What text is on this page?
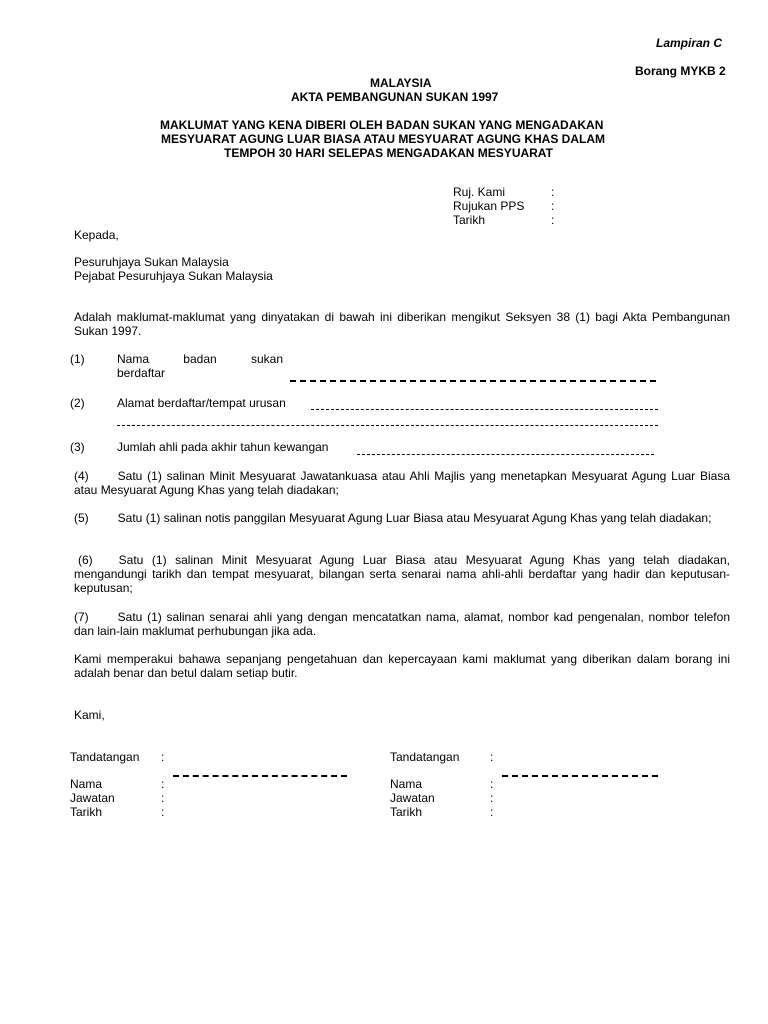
Lampiran C
Borang MYKB 2
MALAYSIA
AKTA PEMBANGUNAN SUKAN 1997
MAKLUMAT YANG KENA DIBERI OLEH BADAN SUKAN YANG MENGADAKAN
MESYUARAT AGUNG LUAR BIASA ATAU MESYUARAT AGUNG KHAS DALAM
TEMPOH 30 HARI SELEPAS MENGADAKAN MESYUARAT
Ruj. Kami	:
Rujukan PPS :
Tarikh	:
Kepada,
Pesuruhjaya Sukan Malaysia
Pejabat Pesuruhjaya Sukan Malaysia
Adalah maklumat-maklumat yang dinyatakan di bawah ini diberikan mengikut Seksyen 38 (1) bagi Akta Pembangunan Sukan 1997.
(1)	Nama badan sukan
berdaftar
(2)	Alamat berdaftar/tempat urusan
(3)	Jumlah ahli pada akhir tahun kewangan
(4) Satu (1) salinan Minit Mesyuarat Jawatankuasa atau Ahli Majlis yang menetapkan Mesyuarat Agung Luar Biasa atau Mesyuarat Agung Khas yang telah diadakan;
(5) Satu (1) salinan notis panggilan Mesyuarat Agung Luar Biasa atau Mesyuarat Agung Khas yang telah diadakan;
(6) Satu (1) salinan Minit Mesyuarat Agung Luar Biasa atau Mesyuarat Agung Khas yang telah diadakan, mengandungi tarikh dan tempat mesyuarat, bilangan serta senarai nama ahli-ahli berdaftar yang hadir dan keputusan-keputusan;
(7) Satu (1) salinan senarai ahli yang dengan mencatatkan nama, alamat, nombor kad pengenalan, nombor telefon dan lain-lain maklumat perhubungan jika ada.
Kami memperakui bahawa sepanjang pengetahuan dan kepercayaan kami maklumat yang diberikan dalam borang ini adalah benar dan betul dalam setiap butir.
Kami,
Tandatangan :
Nama	:
Jawatan	:
Tarikh	:
Tandatangan	:
Nama	:
Jawatan	:
Tarikh	:
